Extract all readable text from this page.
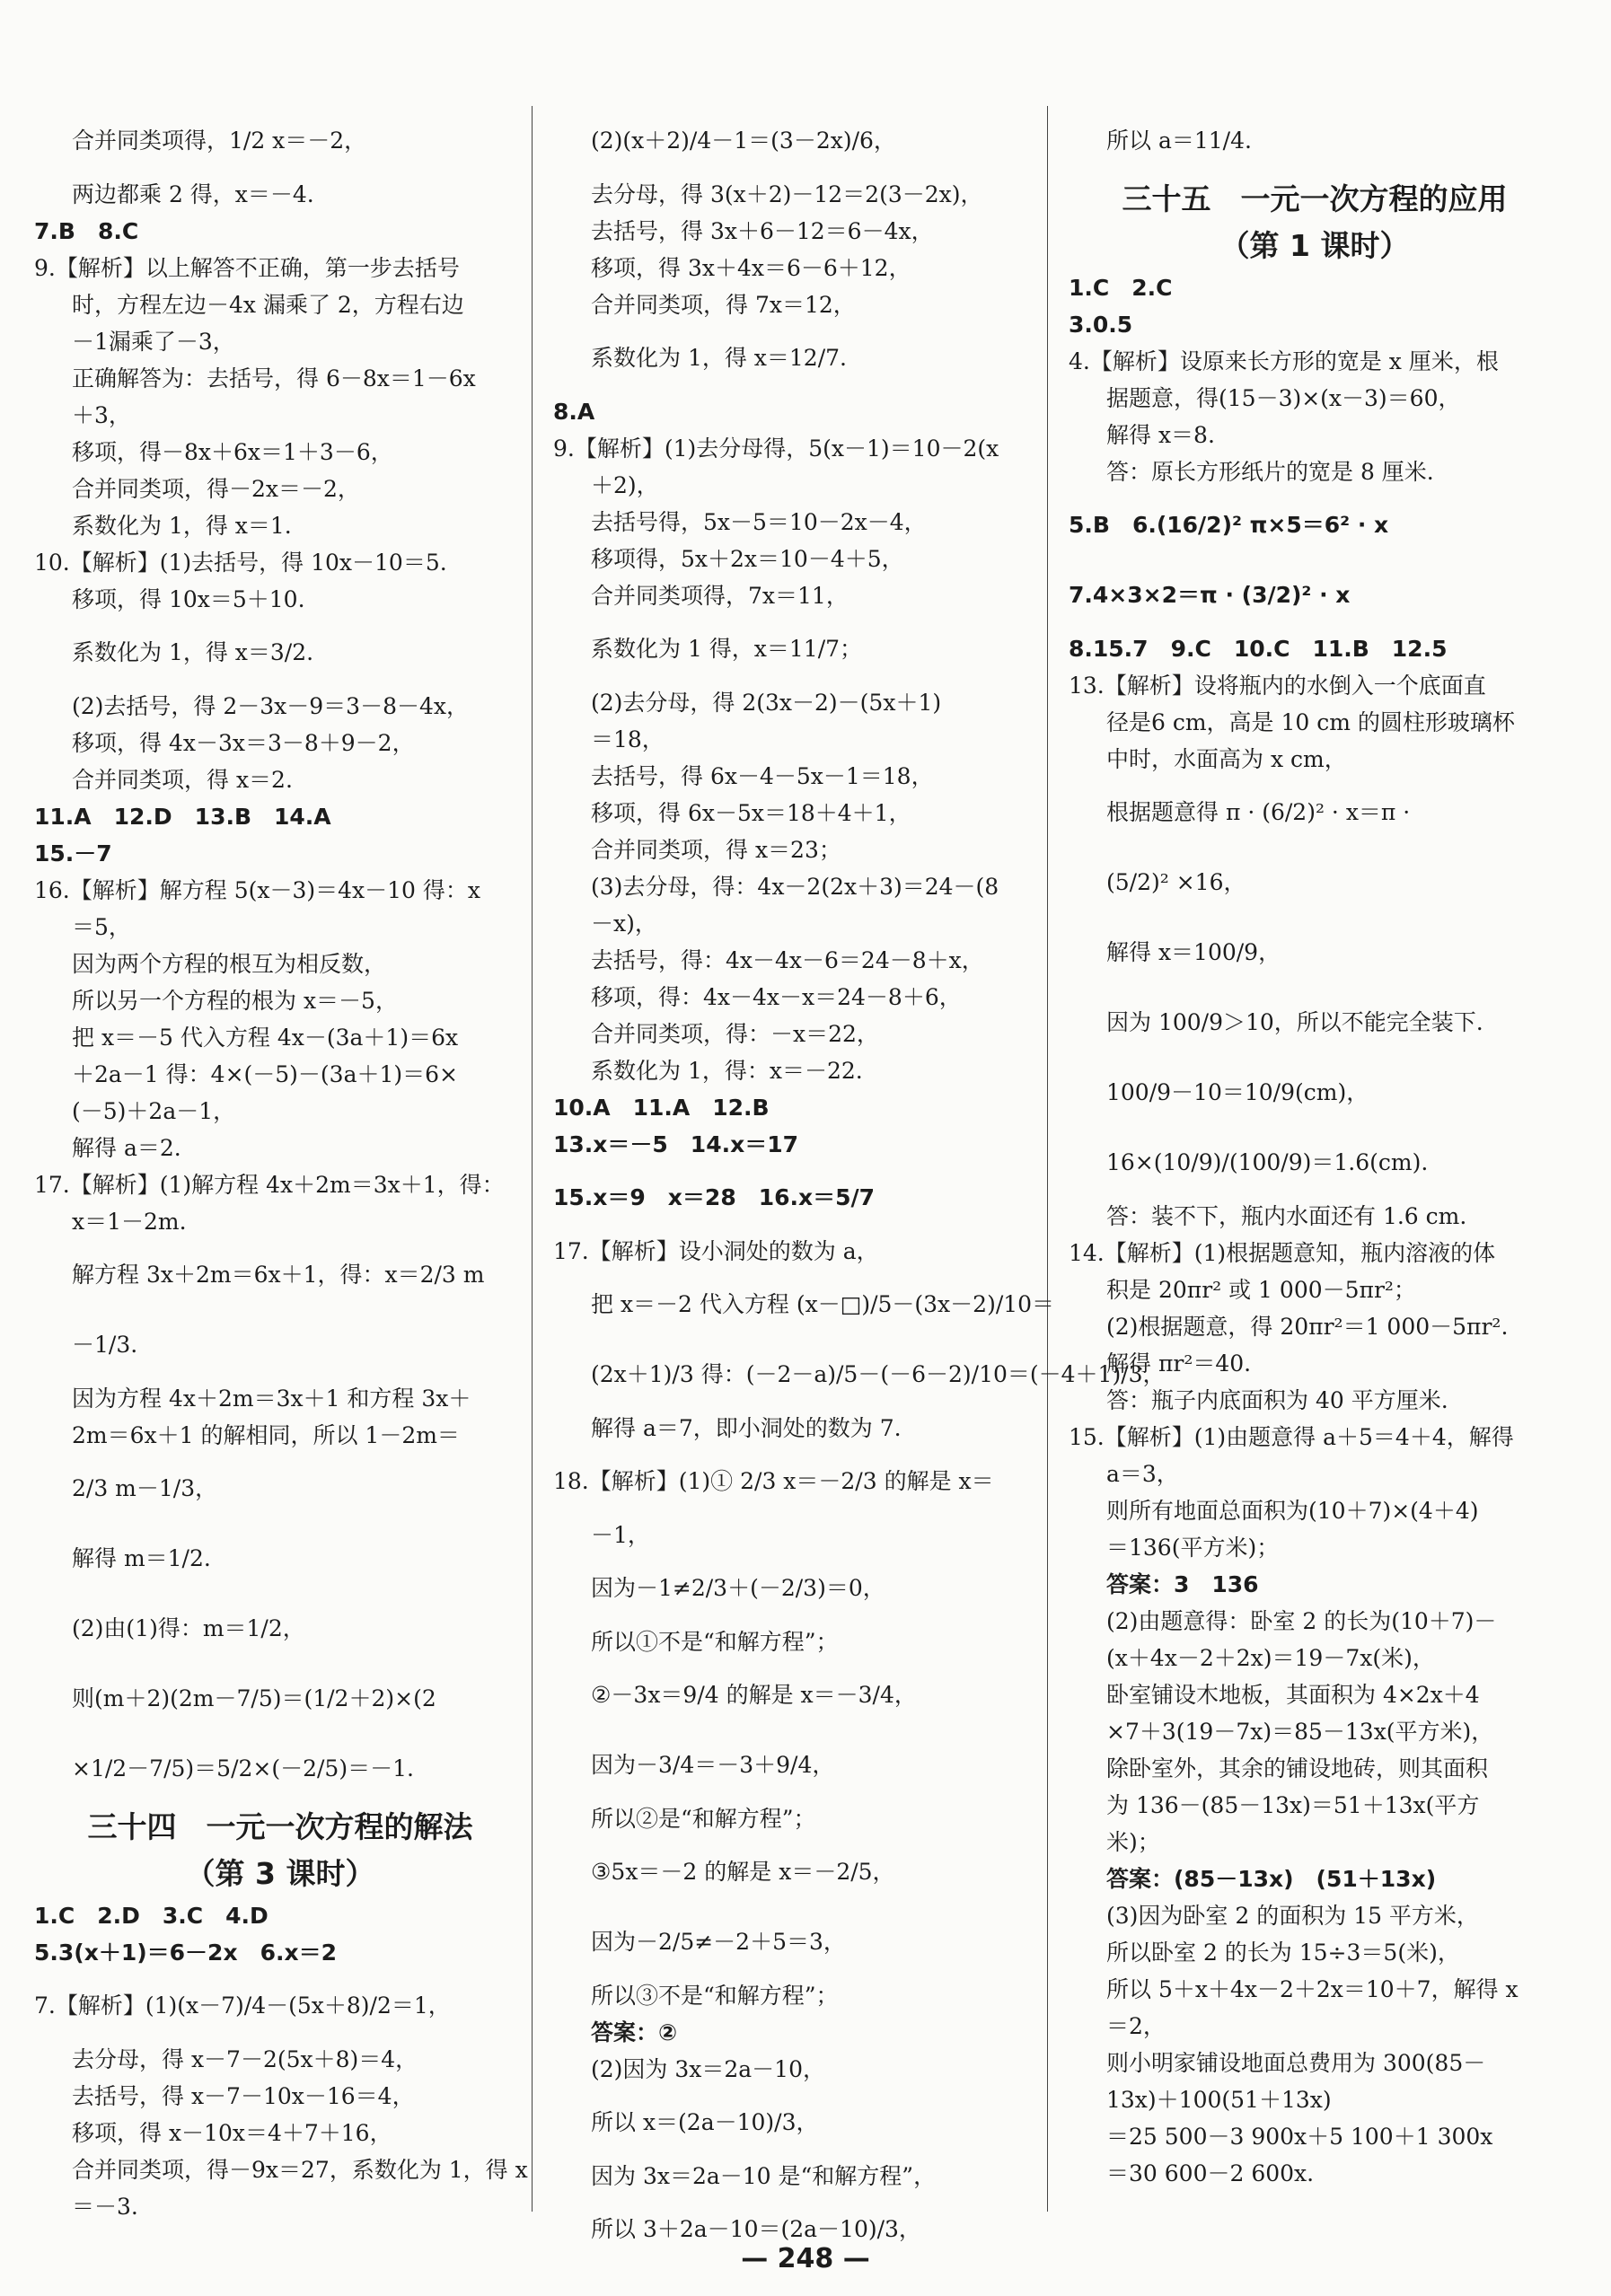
合并同类项得，1/2 x＝－2，
两边都乘 2 得，x＝－4.
7.B　8.C
9.【解析】以上解答不正确，第一步去括号
时，方程左边－4x 漏乘了 2，方程右边
－1漏乘了－3，
正确解答为：去括号，得 6－8x＝1－6x
＋3，
移项，得－8x＋6x＝1＋3－6，
合并同类项，得－2x＝－2，
系数化为 1，得 x＝1.
10.【解析】(1)去括号，得 10x－10＝5.
移项，得 10x＝5＋10.
系数化为 1，得 x＝3/2.
(2)去括号，得 2－3x－9＝3－8－4x，
移项，得 4x－3x＝3－8＋9－2，
合并同类项，得 x＝2.
11.A　12.D　13.B　14.A
15.－7
16.【解析】解方程 5(x－3)＝4x－10 得：x
＝5，
因为两个方程的根互为相反数，
所以另一个方程的根为 x＝－5，
把 x＝－5 代入方程 4x－(3a＋1)＝6x
＋2a－1 得：4×(－5)－(3a＋1)＝6×
(－5)＋2a－1，
解得 a＝2.
17.【解析】(1)解方程 4x＋2m＝3x＋1，得：
x＝1－2m.
解方程 3x＋2m＝6x＋1，得：x＝2/3 m
－1/3.
因为方程 4x＋2m＝3x＋1 和方程 3x＋
2m＝6x＋1 的解相同，所以 1－2m＝
2/3 m－1/3，
解得 m＝1/2.
(2)由(1)得：m＝1/2，
则(m＋2)(2m－7/5)＝(1/2＋2)×(2
×1/2－7/5)＝5/2×(－2/5)＝－1.
三十四　一元一次方程的解法
（第 3 课时）
1.C　2.D　3.C　4.D
5.3(x＋1)＝6－2x　6.x＝2
7.【解析】(1)(x－7)/4－(5x＋8)/2＝1，
去分母，得 x－7－2(5x＋8)＝4，
去括号，得 x－7－10x－16＝4，
移项，得 x－10x＝4＋7＋16，
合并同类项，得－9x＝27，系数化为 1，得 x
＝－3.
(2)(x＋2)/4－1＝(3－2x)/6，
去分母，得 3(x＋2)－12＝2(3－2x)，
去括号，得 3x＋6－12＝6－4x，
移项，得 3x＋4x＝6－6＋12，
合并同类项，得 7x＝12，
系数化为 1，得 x＝12/7.
8.A
9.【解析】(1)去分母得，5(x－1)＝10－2(x
＋2)，
去括号得，5x－5＝10－2x－4，
移项得，5x＋2x＝10－4＋5，
合并同类项得，7x＝11，
系数化为 1 得，x＝11/7；
(2)去分母，得 2(3x－2)－(5x＋1)
＝18，
去括号，得 6x－4－5x－1＝18，
移项，得 6x－5x＝18＋4＋1，
合并同类项，得 x＝23；
(3)去分母，得：4x－2(2x＋3)＝24－(8
－x)，
去括号，得：4x－4x－6＝24－8＋x，
移项，得：4x－4x－x＝24－8＋6，
合并同类项，得：－x＝22，
系数化为 1，得：x＝－22.
10.A　11.A　12.B
13.x＝－5　14.x＝17
15.x＝9　x＝28　16.x＝5/7
17.【解析】设小洞处的数为 a，
把 x＝－2 代入方程 (x－□)/5－(3x－2)/10＝
(2x＋1)/3 得：(－2－a)/5－(－6－2)/10＝(－4＋1)/3，
解得 a＝7，即小洞处的数为 7.
18.【解析】(1)① 2/3 x＝－2/3 的解是 x＝
－1，
因为－1≠2/3＋(－2/3)＝0，
所以①不是“和解方程”；
②－3x＝9/4 的解是 x＝－3/4，
因为－3/4＝－3＋9/4，
所以②是“和解方程”；
③5x＝－2 的解是 x＝－2/5，
因为－2/5≠－2＋5＝3，
所以③不是“和解方程”；
答案：②
(2)因为 3x＝2a－10，
所以 x＝(2a－10)/3，
因为 3x＝2a－10 是“和解方程”，
所以 3＋2a－10＝(2a－10)/3，
所以 a＝11/4.
三十五　一元一次方程的应用
（第 1 课时）
1.C　2.C
3.0.5
4.【解析】设原来长方形的宽是 x 厘米，根
据题意，得(15－3)×(x－3)＝60，
解得 x＝8.
答：原长方形纸片的宽是 8 厘米.
5.B　6.(16/2)² π×5＝6² · x
7.4×3×2＝π · (3/2)² · x
8.15.7　9.C　10.C　11.B　12.5
13.【解析】设将瓶内的水倒入一个底面直
径是6 cm，高是 10 cm 的圆柱形玻璃杯
中时，水面高为 x cm，
根据题意得 π · (6/2)² · x＝π ·
(5/2)² ×16，
解得 x＝100/9，
因为 100/9＞10，所以不能完全装下.
100/9－10＝10/9(cm)，
16×(10/9)/(100/9)＝1.6(cm).
答：装不下，瓶内水面还有 1.6 cm.
14.【解析】(1)根据题意知，瓶内溶液的体
积是 20πr² 或 1 000－5πr²；
(2)根据题意，得 20πr²＝1 000－5πr².
解得 πr²＝40.
答：瓶子内底面积为 40 平方厘米.
15.【解析】(1)由题意得 a＋5＝4＋4，解得
a＝3，
则所有地面总面积为(10＋7)×(4＋4)
＝136(平方米)；
答案：3　136
(2)由题意得：卧室 2 的长为(10＋7)－
(x＋4x－2＋2x)＝19－7x(米)，
卧室铺设木地板，其面积为 4×2x＋4
×7＋3(19－7x)＝85－13x(平方米)，
除卧室外，其余的铺设地砖，则其面积
为 136－(85－13x)＝51＋13x(平方
米)；
答案：(85－13x)　(51＋13x)
(3)因为卧室 2 的面积为 15 平方米，
所以卧室 2 的长为 15÷3＝5(米)，
所以 5＋x＋4x－2＋2x＝10＋7，解得 x
＝2，
则小明家铺设地面总费用为 300(85－
13x)＋100(51＋13x)
＝25 500－3 900x＋5 100＋1 300x
＝30 600－2 600x.
— 248 —
